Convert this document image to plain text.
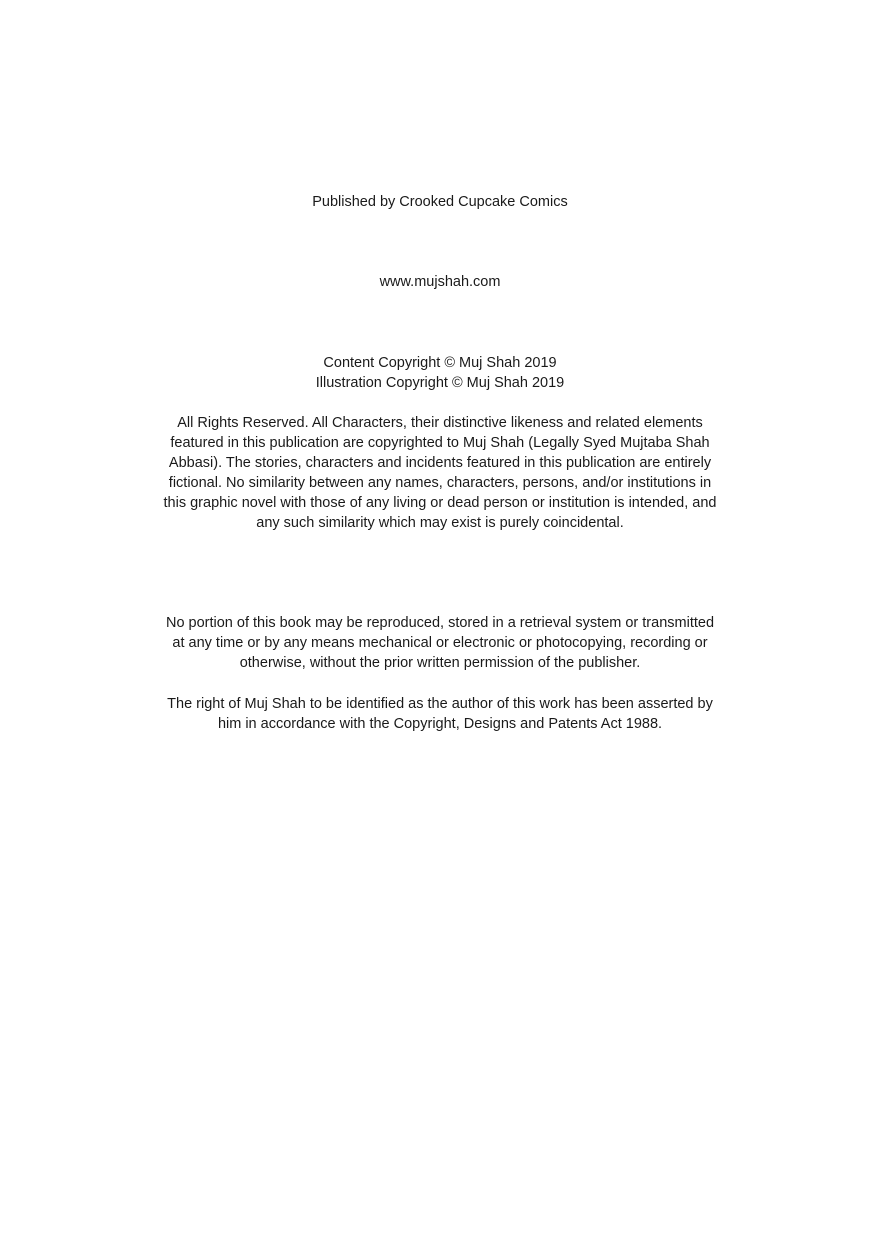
Published by Crooked Cupcake Comics
www.mujshah.com
Content Copyright © Muj Shah 2019
Illustration Copyright © Muj Shah 2019
All Rights Reserved. All Characters, their distinctive likeness and related elements
featured in this publication are copyrighted to Muj Shah (Legally Syed Mujtaba Shah
Abbasi). The stories, characters and incidents featured in this publication are entirely
fictional. No similarity between any names, characters, persons, and/or institutions in
this graphic novel with those of any living or dead person or institution is intended, and
any such similarity which may exist is purely coincidental.
No portion of this book may be reproduced, stored in a retrieval system or transmitted
at any time or by any means mechanical or electronic or photocopying, recording or
otherwise, without the prior written permission of the publisher.
The right of Muj Shah to be identified as the author of this work has been asserted by
him in accordance with the Copyright, Designs and Patents Act 1988.
